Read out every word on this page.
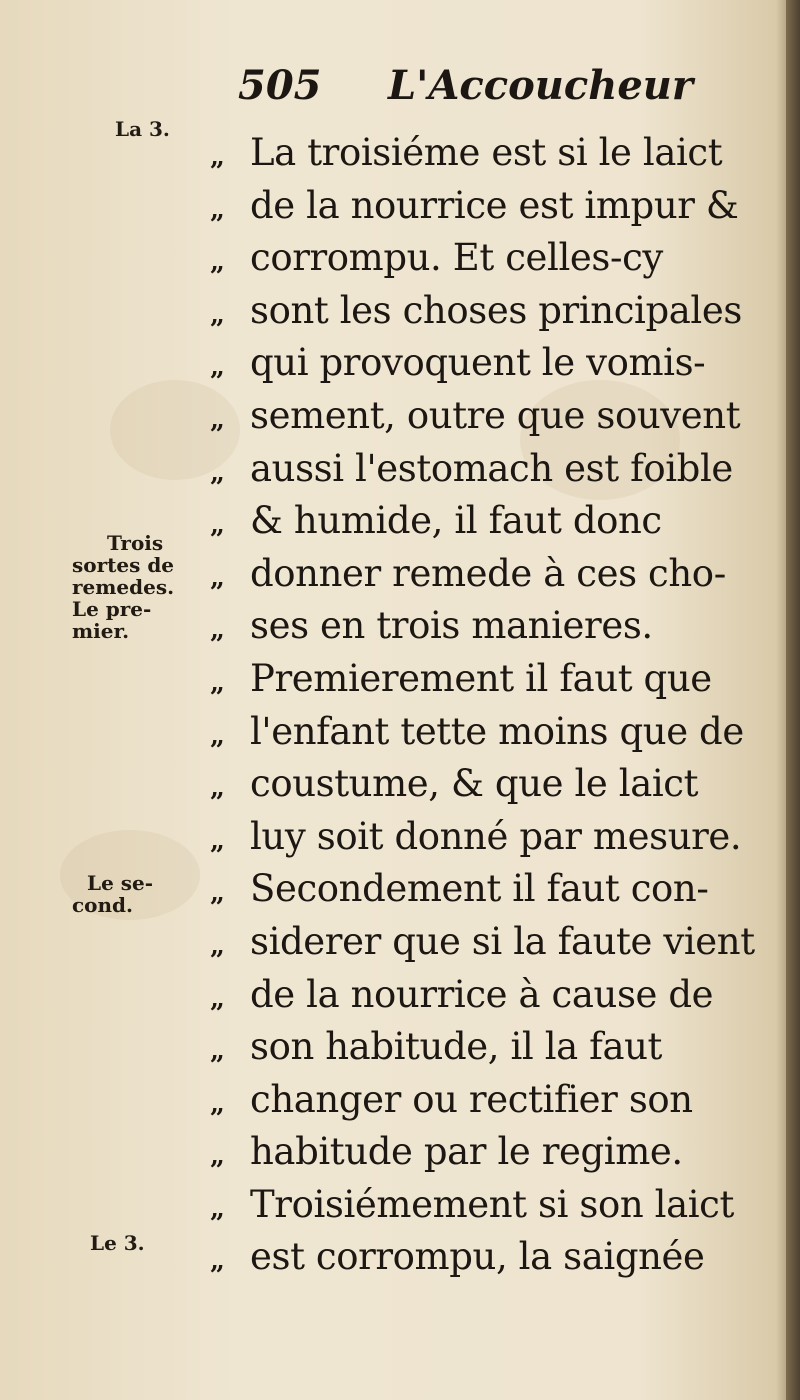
505 L'Accoucheur
La 3.
Trois
sortes de
remedes.
Le pre-
mier.
Le se-
cond.
Le 3.
„ La troisiéme est si le laict
„ de la nourrice est impur &
„ corrompu. Et celles-cy
„ sont les choses principales
„ qui provoquent le vomis-
„ sement, outre que souvent
„ aussi l'estomach est foible
„ & humide, il faut donc
„ donner remede à ces cho-
„ ses en trois manieres.
„ Premierement il faut que
„ l'enfant tette moins que de
„ coustume, & que le laict
„ luy soit donné par mesure.
„ Secondement il faut con-
„ siderer que si la faute vient
„ de la nourrice à cause de
„ son habitude, il la faut
„ changer ou rectifier son
„ habitude par le regime.
„ Troisiémement si son laict
„ est corrompu, la saignée
